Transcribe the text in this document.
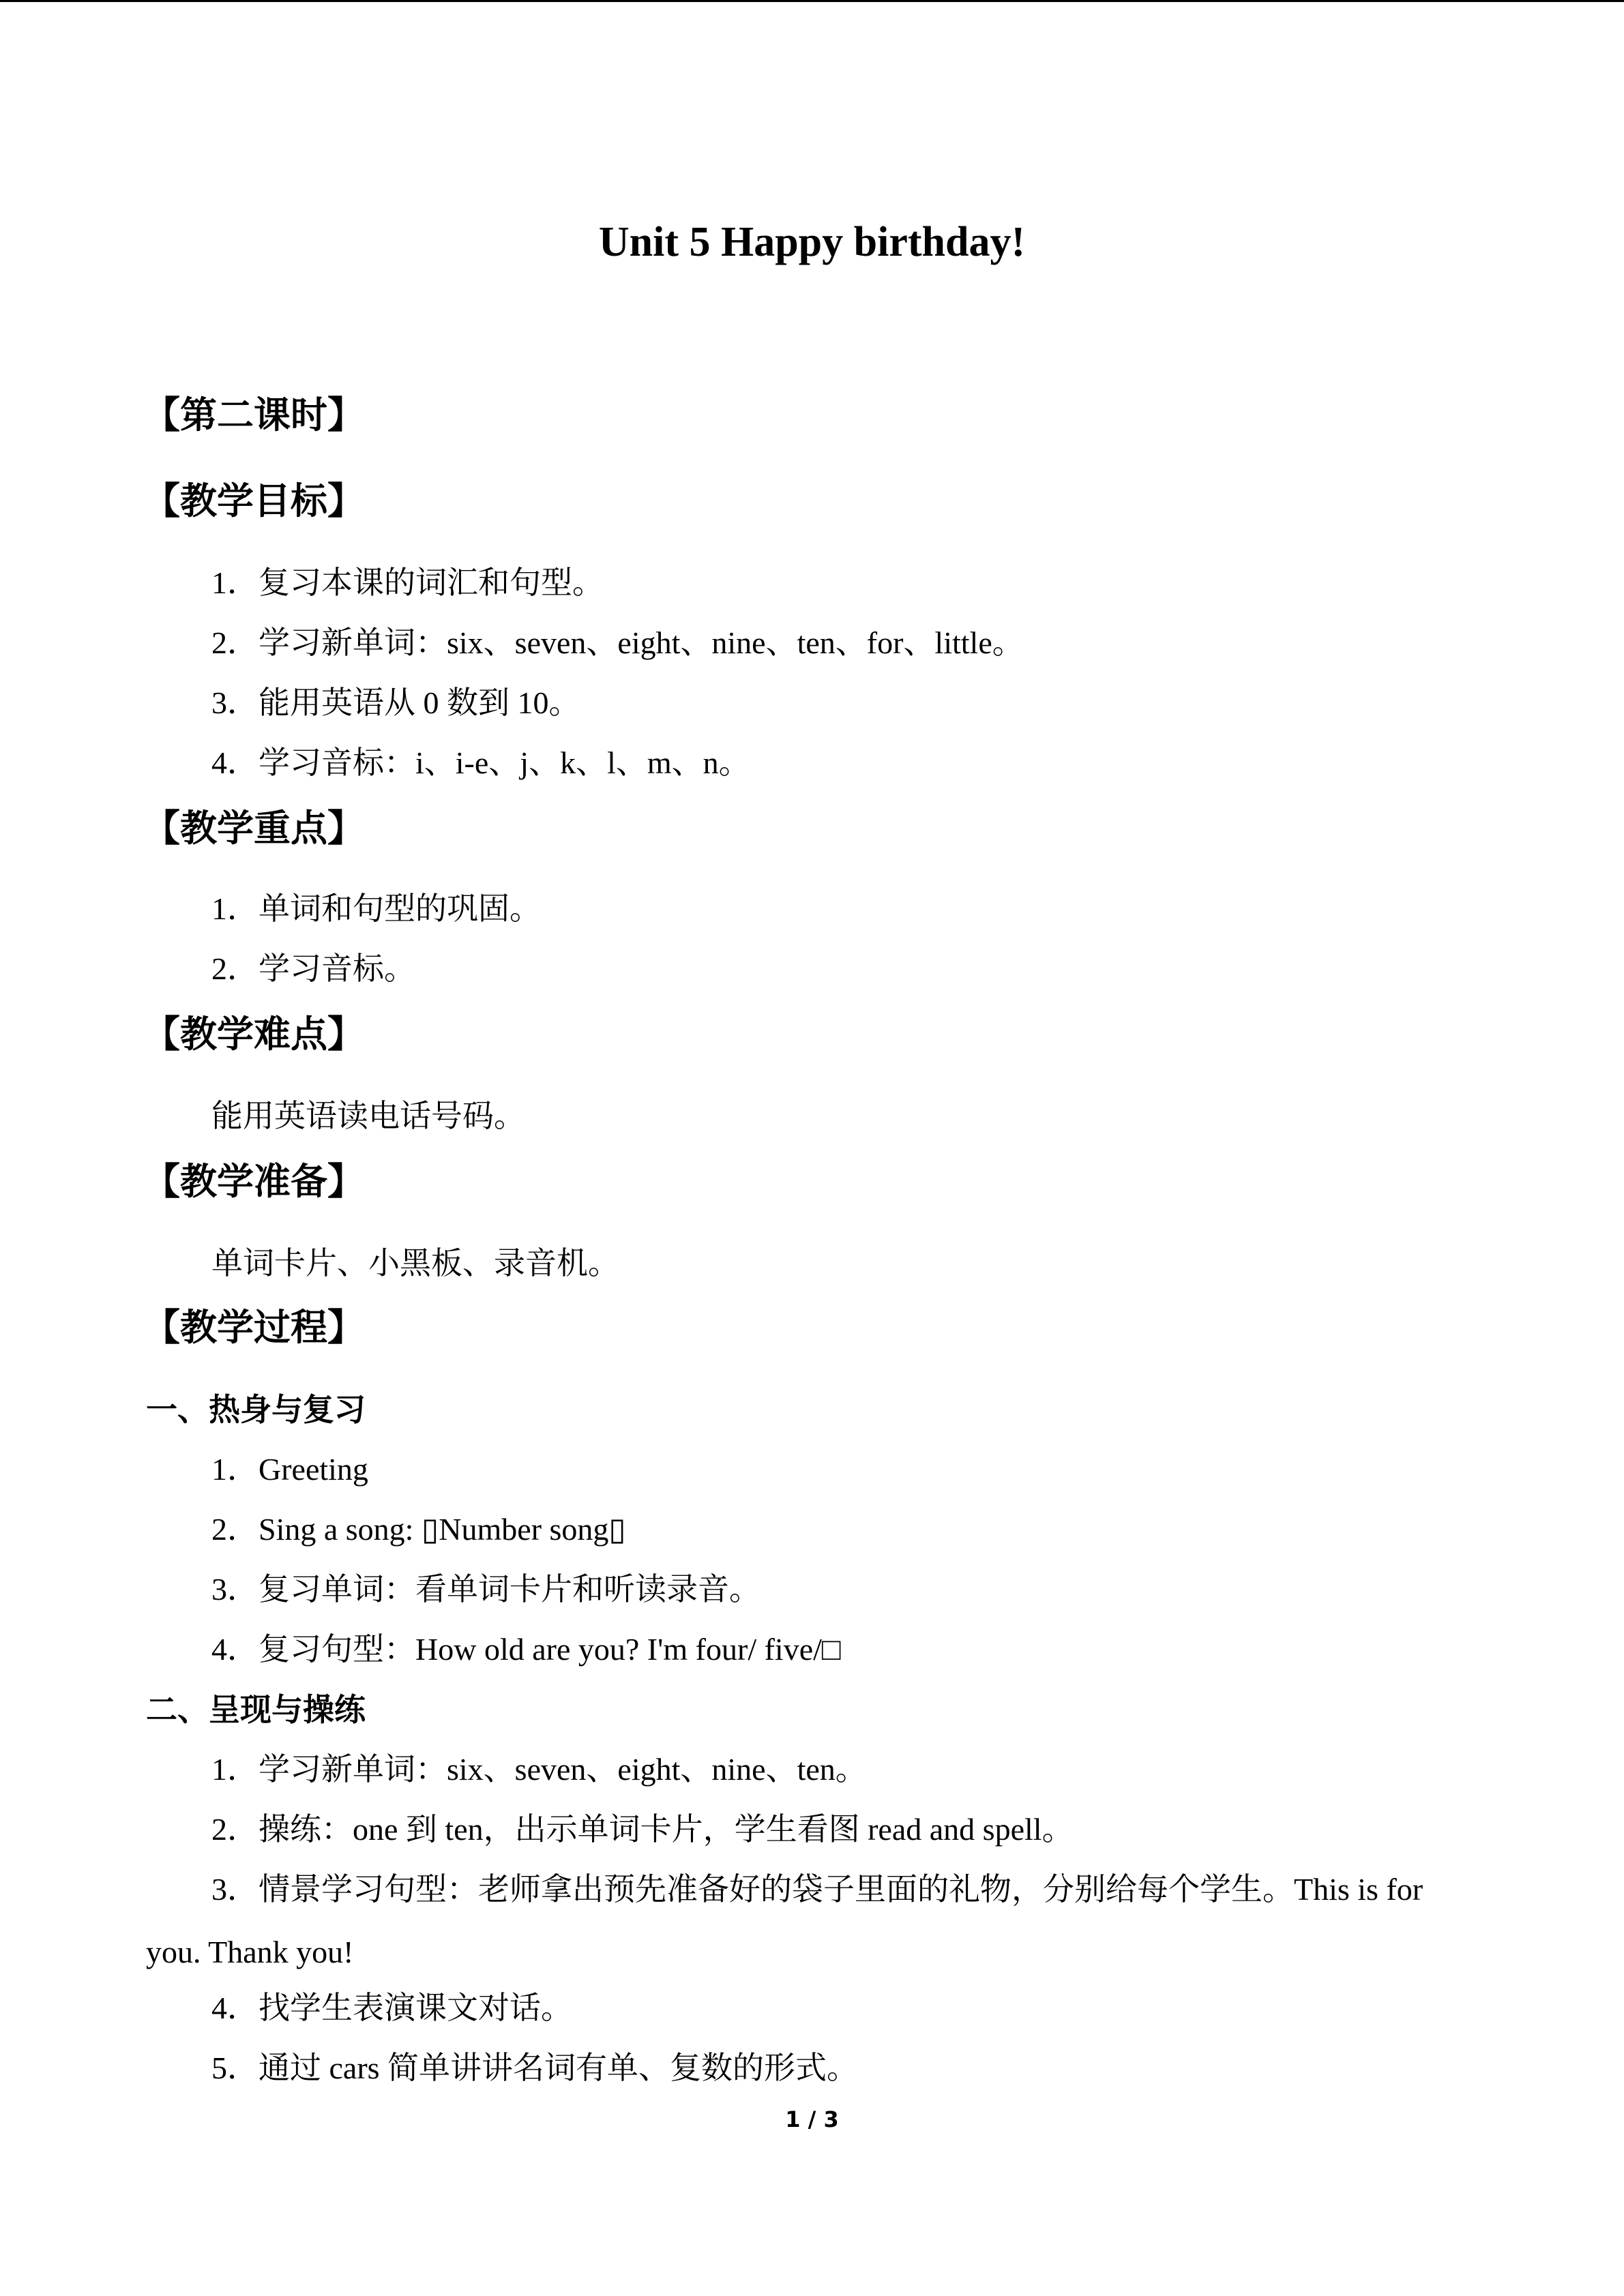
Unit 5 Happy birthday!
【第二课时】
【教学目标】
1．复习本课的词汇和句型。
2．学习新单词：six、seven、eight、nine、ten、for、little。
3．能用英语从 0 数到 10。
4．学习音标：i、i-e、j、k、l、m、n。
【教学重点】
1．单词和句型的巩固。
2．学习音标。
【教学难点】
能用英语读电话号码。
【教学准备】
单词卡片、小黑板、录音机。
【教学过程】
一、热身与复习
1．Greeting
2．Sing a song: ▯Number song▯
3．复习单词：看单词卡片和听读录音。
4．复习句型：How old are you? I'm four/ five/□
二、呈现与操练
1．学习新单词：six、seven、eight、nine、ten。
2．操练：one 到 ten，出示单词卡片，学生看图 read and spell。
3．情景学习句型：老师拿出预先准备好的袋子里面的礼物，分别给每个学生。This is for
you. Thank you!
4．找学生表演课文对话。
5．通过 cars 简单讲讲名词有单、复数的形式。
1 / 3
